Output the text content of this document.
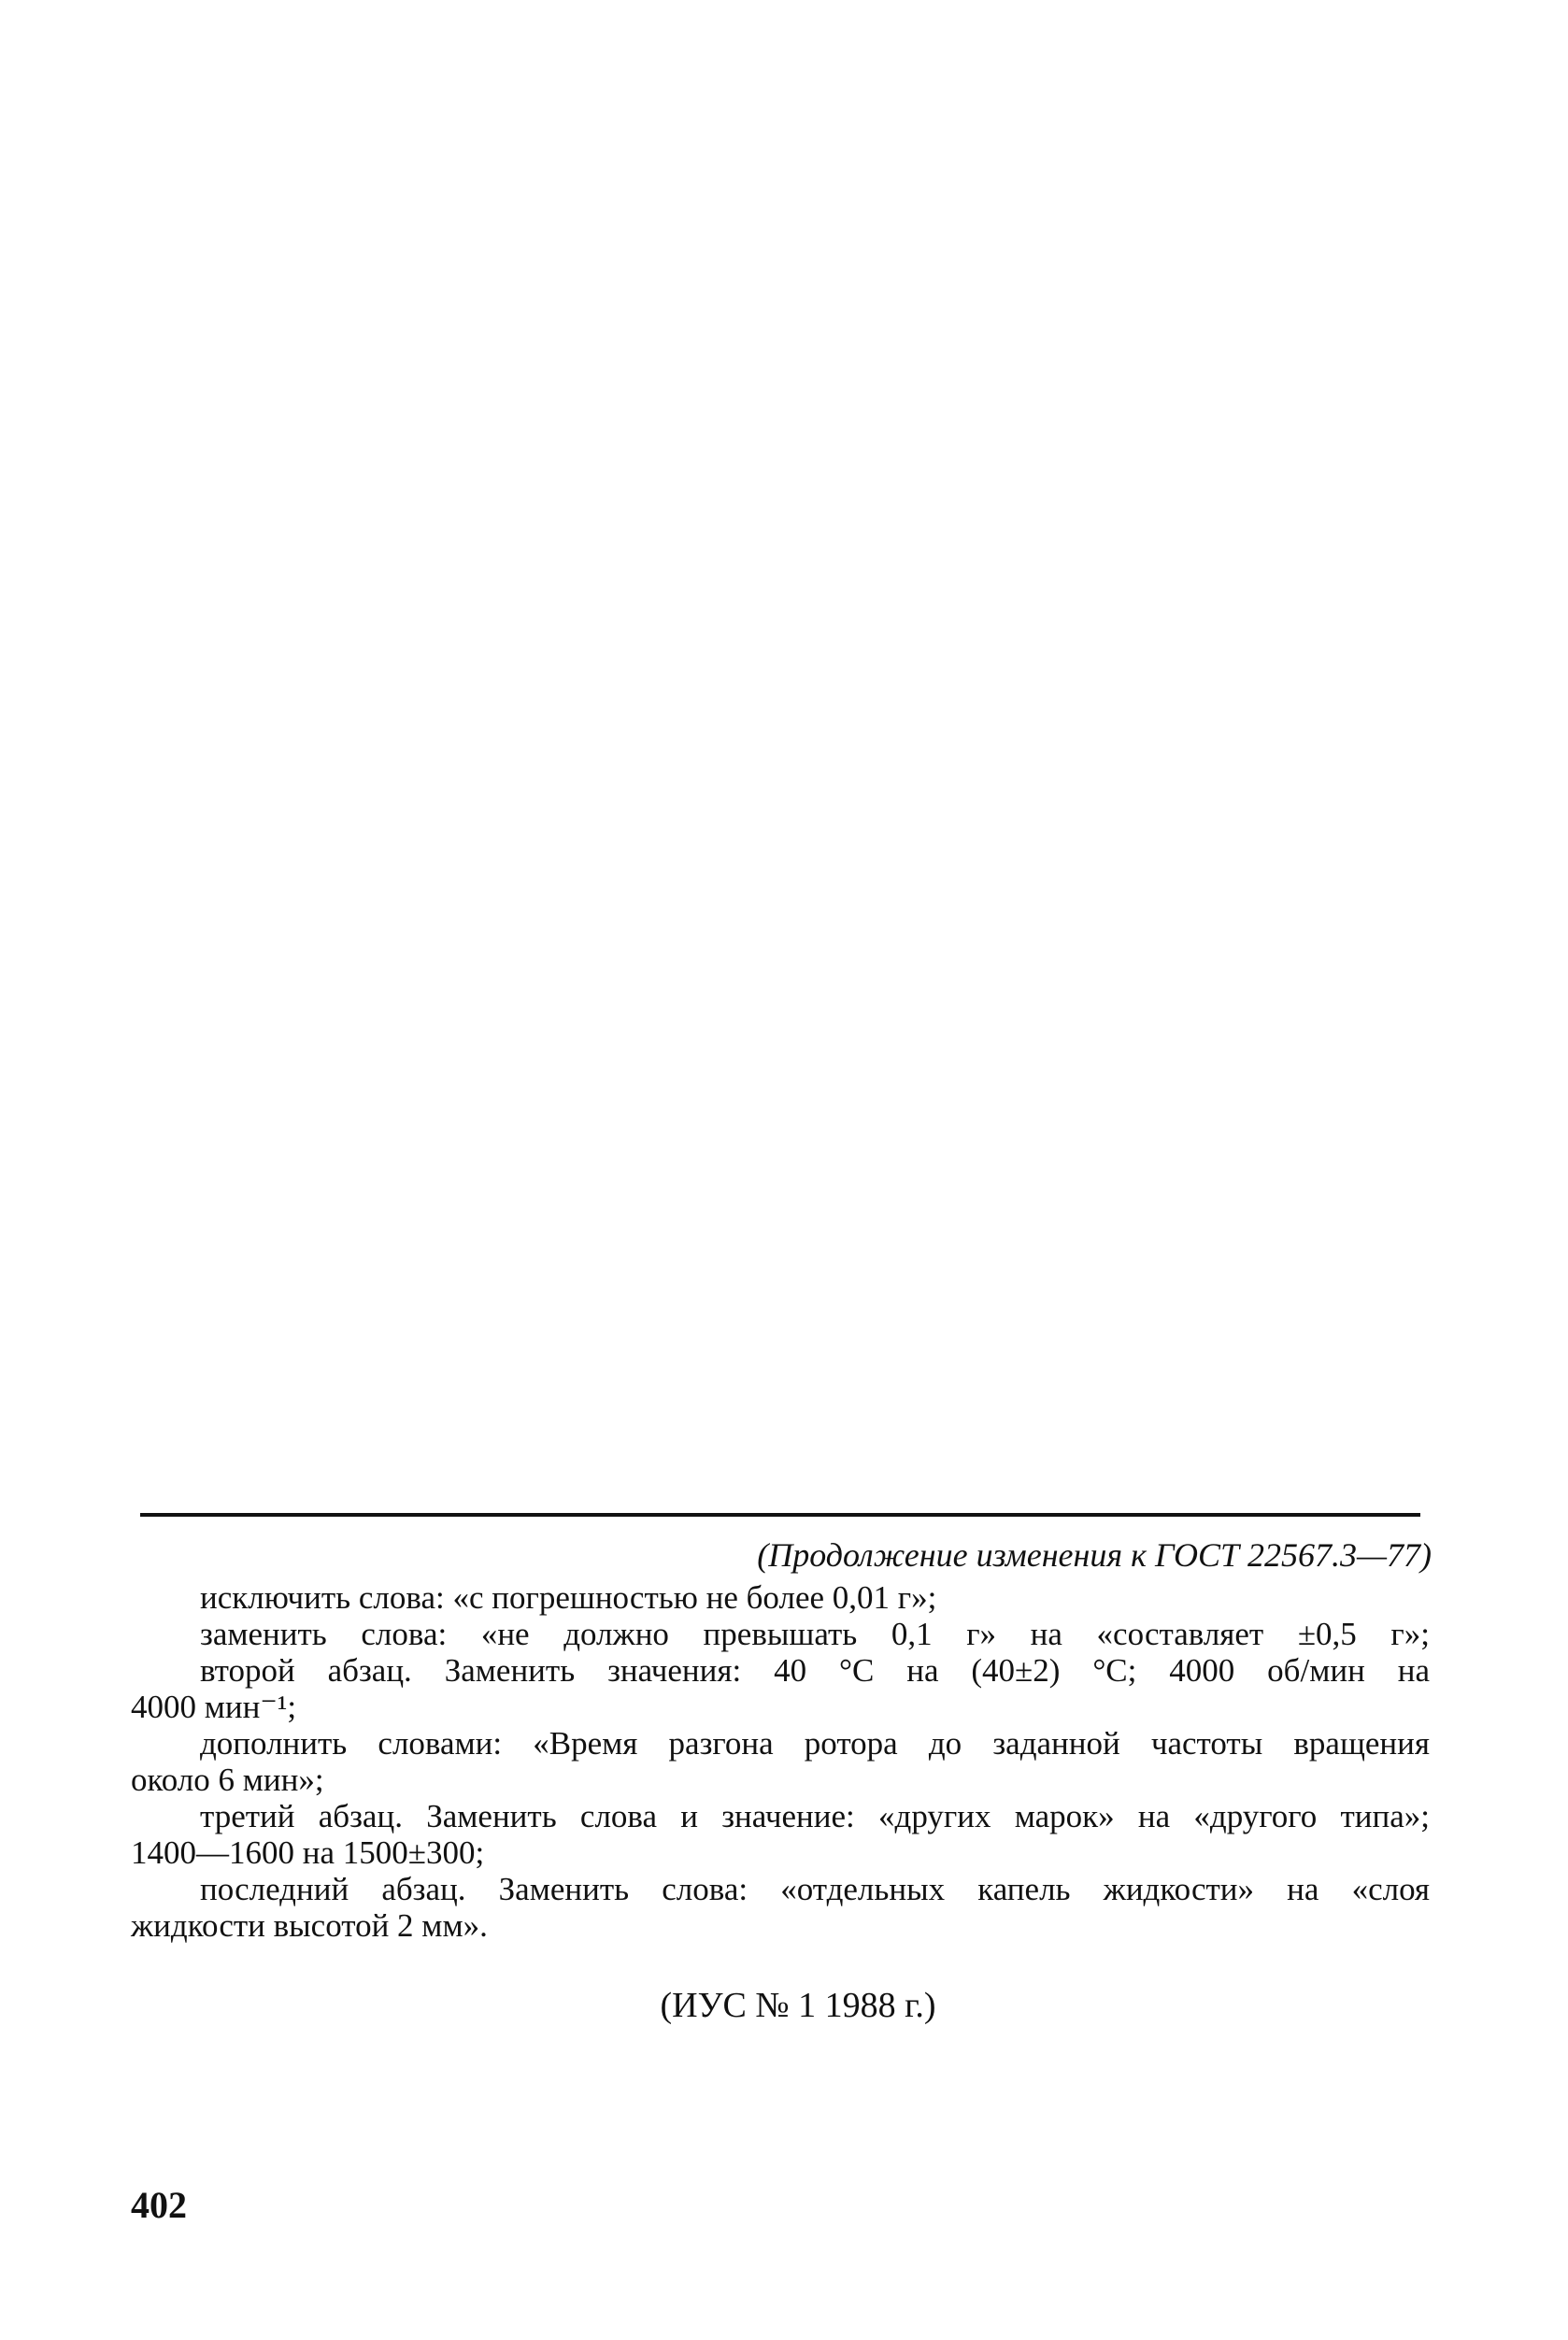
(Продолжение изменения к ГОСТ 22567.3—77)
исключить слова: «с погрешностью не более 0,01 г»;
заменить слова: «не должно превышать 0,1 г» на «составляет ±0,5 г»;
второй абзац. Заменить значения: 40 °С на (40±2) °С; 4000 об/мин на
4000 мин⁻¹;
дополнить словами: «Время разгона ротора до заданной частоты вращения
около 6 мин»;
третий абзац. Заменить слова и значение: «других марок» на «другого типа»;
1400—1600 на 1500±300;
последний абзац. Заменить слова: «отдельных капель жидкости» на «слоя
жидкости высотой 2 мм».
(ИУС № 1 1988 г.)
402
